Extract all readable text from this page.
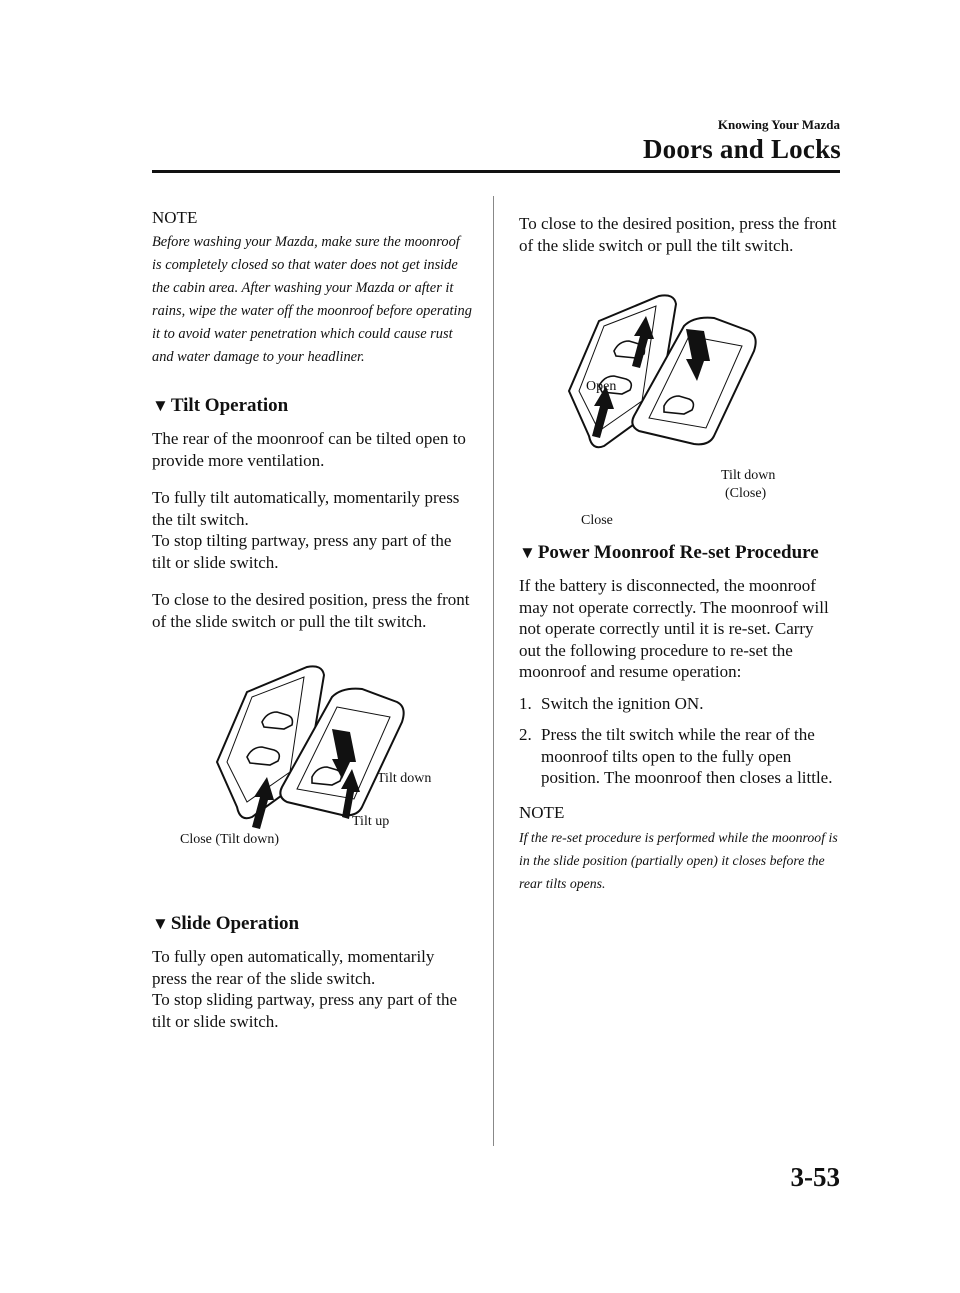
Knowing Your Mazda
Doors and Locks

NOTE

Before washing your Mazda, make sure the moonroof is completely closed so that water does not get inside the cabin area. After washing your Mazda or after it rains, wipe the water off the moonroof before operating it to avoid water penetration which could cause rust and water damage to your headliner.

▼ Tilt Operation

The rear of the moonroof can be tilted open to provide more ventilation.

To fully tilt automatically, momentarily press the tilt switch.

To stop tilting partway, press any part of the tilt or slide switch.

To close to the desired position, press the front of the slide switch or pull the tilt switch.

Tilt down
Tilt up
Close (Tilt down)

▼ Slide Operation

To fully open automatically, momentarily press the rear of the slide switch.

To stop sliding partway, press any part of the tilt or slide switch.

To close to the desired position, press the front of the slide switch or pull the tilt switch.

Open
Tilt down
(Close)
Close

▼ Power Moonroof Re-set Procedure

If the battery is disconnected, the moonroof may not operate correctly. The moonroof will not operate correctly until it is re-set. Carry out the following procedure to re-set the moonroof and resume operation:

1. Switch the ignition ON.

2. Press the tilt switch while the rear of the moonroof tilts open to the fully open position. The moonroof then closes a little.

NOTE

If the re-set procedure is performed while the moonroof is in the slide position (partially open) it closes before the rear tilts opens.

3-53
